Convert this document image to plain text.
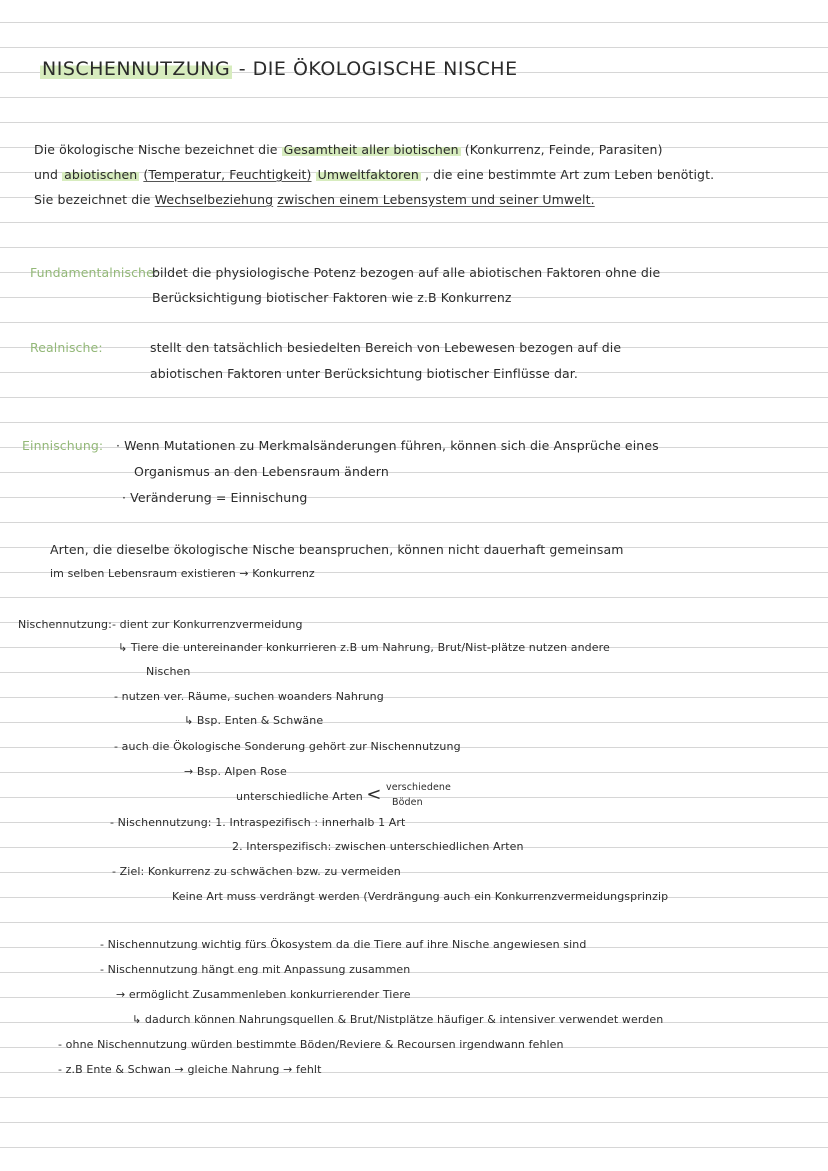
NISCHENNUTZUNG - DIE ÖKOLOGISCHE NISCHE
Die ökologische Nische bezeichnet die Gesamtheit aller biotischen (Konkurrenz, Feinde, Parasiten)
und abiotischen (Temperatur, Feuchtigkeit) Umweltfaktoren , die eine bestimmte Art zum Leben benötigt.
Sie bezeichnet die Wechselbeziehung zwischen einem Lebensystem und seiner Umwelt.
Fundamentalnische:
bildet die physiologische Potenz bezogen auf alle abiotischen Faktoren ohne die
Berücksichtigung biotischer Faktoren wie z.B Konkurrenz
Realnische:	stellt den tatsächlich besiedelten Bereich von Lebewesen bezogen auf die
abiotischen Faktoren unter Berücksichtung biotischer Einflüsse dar.
Einnischung: · Wenn Mutationen zu Merkmalsänderungen führen, können sich die Ansprüche eines
Organismus an den Lebensraum ändern
· Veränderung = Einnischung
Arten, die dieselbe ökologische Nische beanspruchen, können nicht dauerhaft gemeinsam
im selben Lebensraum existieren → Konkurrenz
Nischennutzung: - dient zur Konkurrenzvermeidung
↳ Tiere die untereinander konkurrieren z.B um Nahrung, Brut/Nist-plätze nutzen andere
Nischen
- nutzen ver. Räume, suchen woanders Nahrung
↳ Bsp. Enten & Schwäne
- auch die Ökologische Sonderung gehört zur Nischennutzung
→ Bsp. Alpen Rose
unterschiedliche Arten < verschiedene
Böden
- Nischennutzung: 1. Intraspezifisch : innerhalb 1 Art
2. Interspezifisch: zwischen unterschiedlichen Arten
- Ziel: Konkurrenz zu schwächen bzw. zu vermeiden
Keine Art muss verdrängt werden (Verdrängung auch ein Konkurrenzvermeidungsprinzip
- Nischennutzung wichtig fürs Ökosystem da die Tiere auf ihre Nische angewiesen sind
- Nischennutzung hängt eng mit Anpassung zusammen
→ ermöglicht Zusammenleben konkurrierender Tiere
↳ dadurch können Nahrungsquellen & Brut/Nistplätze häufiger & intensiver verwendet werden
- ohne Nischennutzung würden bestimmte Böden/Reviere & Recoursen irgendwann fehlen
- z.B Ente & Schwan → gleiche Nahrung → fehlt
